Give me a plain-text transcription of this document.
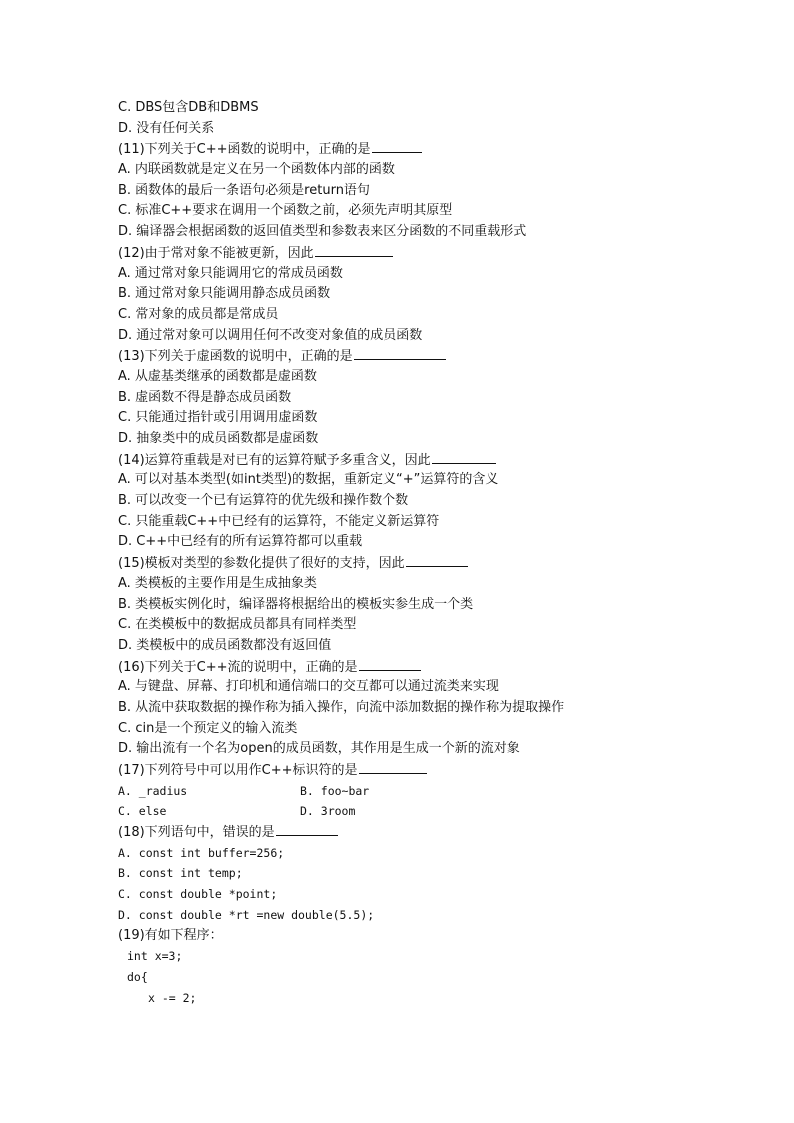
C. DBS包含DB和DBMS
D. 没有任何关系
(11)下列关于C++函数的说明中，正确的是
A. 内联函数就是定义在另一个函数体内部的函数
B. 函数体的最后一条语句必须是return语句
C. 标准C++要求在调用一个函数之前，必须先声明其原型
D. 编译器会根据函数的返回值类型和参数表来区分函数的不同重载形式
(12)由于常对象不能被更新，因此
A. 通过常对象只能调用它的常成员函数
B. 通过常对象只能调用静态成员函数
C. 常对象的成员都是常成员
D. 通过常对象可以调用任何不改变对象值的成员函数
(13)下列关于虚函数的说明中，正确的是
A. 从虚基类继承的函数都是虚函数
B. 虚函数不得是静态成员函数
C. 只能通过指针或引用调用虚函数
D. 抽象类中的成员函数都是虚函数
(14)运算符重载是对已有的运算符赋予多重含义，因此
A. 可以对基本类型(如int类型)的数据，重新定义“+”运算符的含义
B. 可以改变一个已有运算符的优先级和操作数个数
C. 只能重载C++中已经有的运算符，不能定义新运算符
D. C++中已经有的所有运算符都可以重载
(15)模板对类型的参数化提供了很好的支持，因此
A. 类模板的主要作用是生成抽象类
B. 类模板实例化时，编译器将根据给出的模板实参生成一个类
C. 在类模板中的数据成员都具有同样类型
D. 类模板中的成员函数都没有返回值
(16)下列关于C++流的说明中，正确的是
A. 与键盘、屏幕、打印机和通信端口的交互都可以通过流类来实现
B. 从流中获取数据的操作称为插入操作，向流中添加数据的操作称为提取操作
C. cin是一个预定义的输入流类
D. 输出流有一个名为open的成员函数，其作用是生成一个新的流对象
(17)下列符号中可以用作C++标识符的是
A. _radius	B. foo~bar
C. else	D. 3room
(18)下列语句中，错误的是
A. const int buffer=256;
B. const int temp;
C. const double *point;
D. const double *rt =new double(5.5);
(19)有如下程序：
int x=3;
do{
x -= 2;
